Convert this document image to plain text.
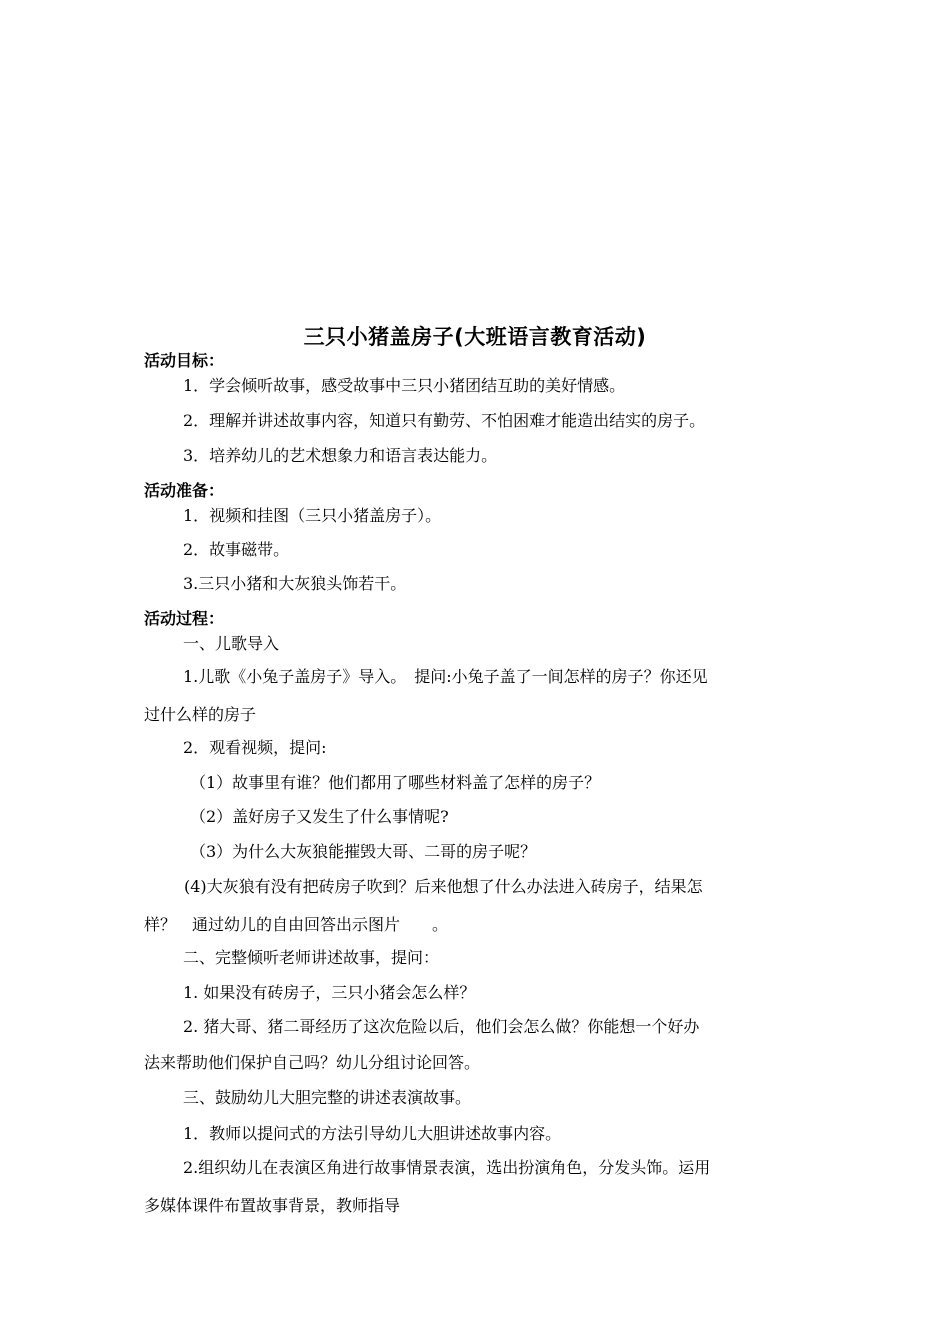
三只小猪盖房子(大班语言教育活动)
活动目标：
1．学会倾听故事，感受故事中三只小猪团结互助的美好情感。
2．理解并讲述故事内容，知道只有勤劳、不怕困难才能造出结实的房子。
3．培养幼儿的艺术想象力和语言表达能力。
活动准备：
1．视频和挂图（三只小猪盖房子）。
2．故事磁带。
3.三只小猪和大灰狼头饰若干。
活动过程：
一、儿歌导入
1.儿歌《小兔子盖房子》导入。　提问:小兔子盖了一间怎样的房子？你还见
过什么样的房子
2．观看视频，提问:
（1）故事里有谁？他们都用了哪些材料盖了怎样的房子？
（2）盖好房子又发生了什么事情呢?
（3）为什么大灰狼能摧毁大哥、二哥的房子呢？
(4)大灰狼有没有把砖房子吹到？后来他想了什么办法进入砖房子，结果怎
样？　通过幼儿的自由回答出示图片　　。
二、完整倾听老师讲述故事，提问：
1. 如果没有砖房子，三只小猪会怎么样？
2. 猪大哥、猪二哥经历了这次危险以后，他们会怎么做？你能想一个好办
法来帮助他们保护自己吗？幼儿分组讨论回答。
三、鼓励幼儿大胆完整的讲述表演故事。
1．教师以提问式的方法引导幼儿大胆讲述故事内容。
2.组织幼儿在表演区角进行故事情景表演，选出扮演角色，分发头饰。运用
多媒体课件布置故事背景，教师指导
